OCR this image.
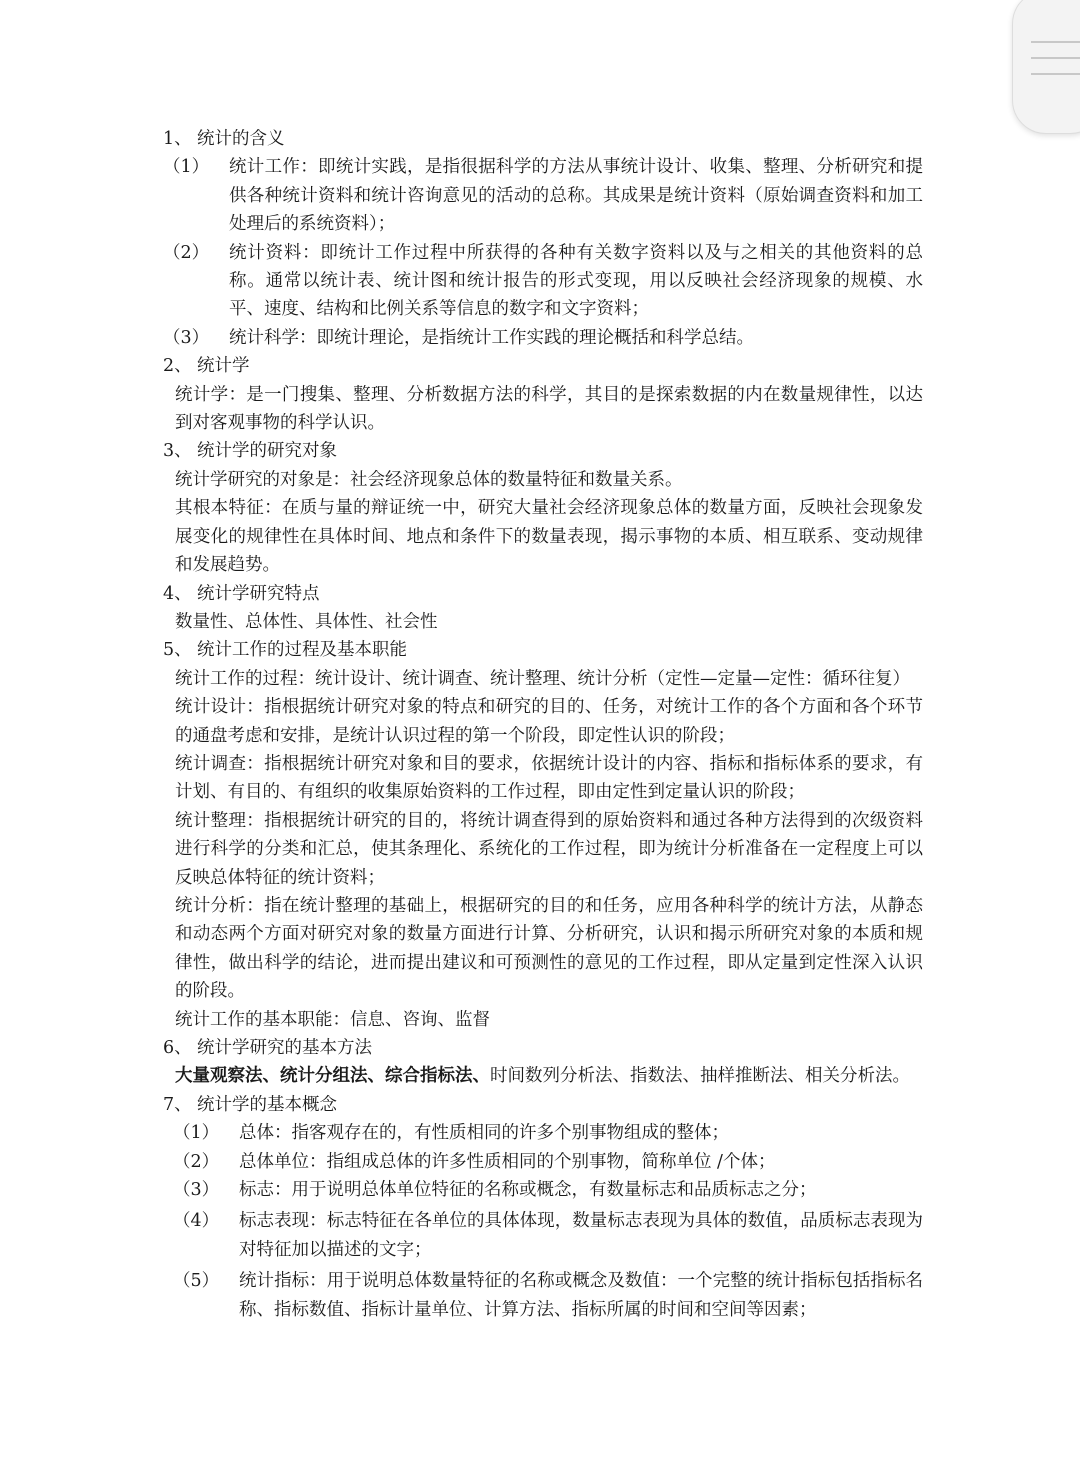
1、 统计的含义
（1）	统计工作：即统计实践，是指很据科学的方法从事统计设计、收集、整理、分析研究和提供各种统计资料和统计咨询意见的活动的总称。其成果是统计资料（原始调查资料和加工处理后的系统资料）；
（2）	统计资料：即统计工作过程中所获得的各种有关数字资料以及与之相关的其他资料的总称。通常以统计表、统计图和统计报告的形式变现，用以反映社会经济现象的规模、水平、速度、结构和比例关系等信息的数字和文字资料；
（3）	统计科学：即统计理论，是指统计工作实践的理论概括和科学总结。
2、 统计学
统计学：是一门搜集、整理、分析数据方法的科学，其目的是探索数据的内在数量规律性，以达到对客观事物的科学认识。
3、 统计学的研究对象
统计学研究的对象是：社会经济现象总体的数量特征和数量关系。
其根本特征：在质与量的辩证统一中，研究大量社会经济现象总体的数量方面，反映社会现象发展变化的规律性在具体时间、地点和条件下的数量表现，揭示事物的本质、相互联系、变动规律和发展趋势。
4、 统计学研究特点
数量性、总体性、具体性、社会性
5、 统计工作的过程及基本职能
统计工作的过程：统计设计、统计调查、统计整理、统计分析（定性—定量—定性：循环往复）
统计设计：指根据统计研究对象的特点和研究的目的、任务，对统计工作的各个方面和各个环节的通盘考虑和安排，是统计认识过程的第一个阶段，即定性认识的阶段；
统计调查：指根据统计研究对象和目的要求，依据统计设计的内容、指标和指标体系的要求，有计划、有目的、有组织的收集原始资料的工作过程，即由定性到定量认识的阶段；
统计整理：指根据统计研究的目的，将统计调查得到的原始资料和通过各种方法得到的次级资料进行科学的分类和汇总，使其条理化、系统化的工作过程，即为统计分析准备在一定程度上可以反映总体特征的统计资料；
统计分析：指在统计整理的基础上，根据研究的目的和任务，应用各种科学的统计方法，从静态和动态两个方面对研究对象的数量方面进行计算、分析研究，认识和揭示所研究对象的本质和规律性，做出科学的结论，进而提出建议和可预测性的意见的工作过程，即从定量到定性深入认识的阶段。
统计工作的基本职能：信息、咨询、监督
6、 统计学研究的基本方法
大量观察法、统计分组法、综合指标法、时间数列分析法、指数法、抽样推断法、相关分析法。
7、 统计学的基本概念
（1）	总体：指客观存在的，有性质相同的许多个别事物组成的整体；
（2）	总体单位：指组成总体的许多性质相同的个别事物，简称单位 /个体；
（3）	标志：用于说明总体单位特征的名称或概念，有数量标志和品质标志之分；
（4）	标志表现：标志特征在各单位的具体体现，数量标志表现为具体的数值，品质标志表现为对特征加以描述的文字；
（5）	统计指标：用于说明总体数量特征的名称或概念及数值：一个完整的统计指标包括指标名称、指标数值、指标计量单位、计算方法、指标所属的时间和空间等因素；
